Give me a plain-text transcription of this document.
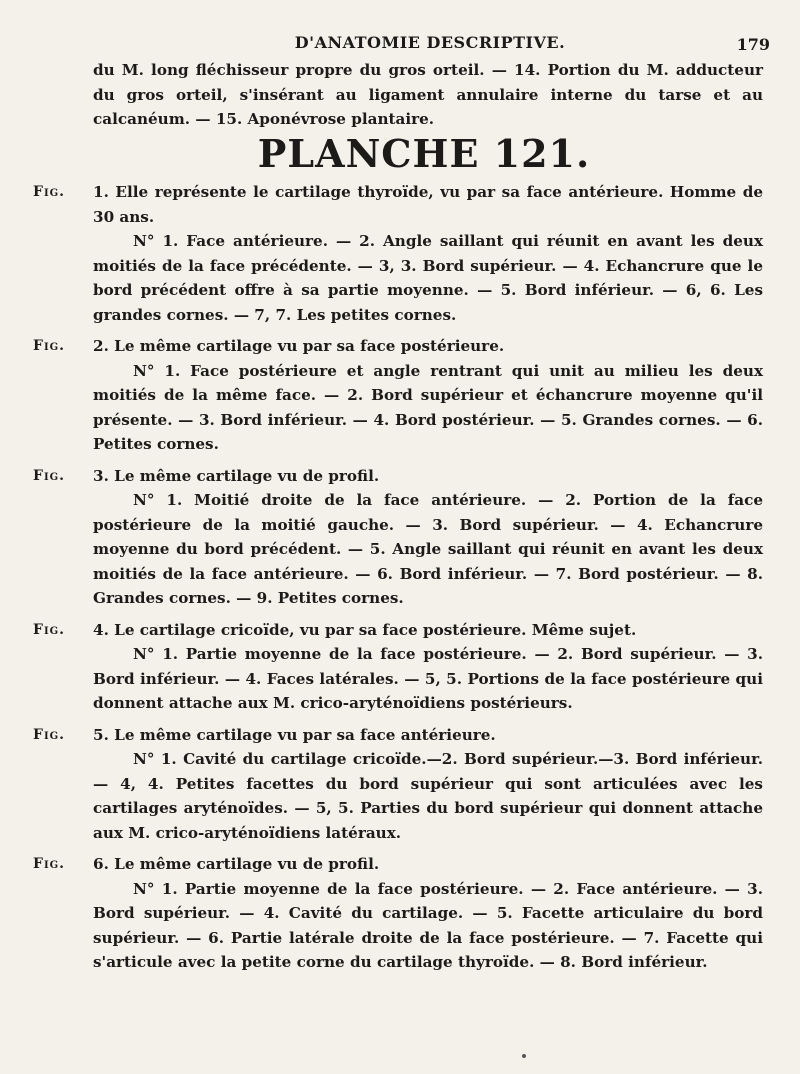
D'ANATOMIE DESCRIPTIVE.	179
du M. long fléchisseur propre du gros orteil. — 14. Portion du M. adducteur du gros orteil, s'insérant au ligament annulaire interne du tarse et au calcanéum. — 15. Aponévrose plantaire.
PLANCHE 121.
Fig.	1. Elle représente le cartilage thyroïde, vu par sa face antérieure. Homme de 30 ans.
N° 1. Face antérieure. — 2. Angle saillant qui réunit en avant les deux moitiés de la face précédente. — 3, 3. Bord supérieur. — 4. Echancrure que le bord précédent offre à sa partie moyenne. — 5. Bord inférieur. — 6, 6. Les grandes cornes. — 7, 7. Les petites cornes.
Fig.	2. Le même cartilage vu par sa face postérieure.
N° 1. Face postérieure et angle rentrant qui unit au milieu les deux moitiés de la même face. — 2. Bord supérieur et échancrure moyenne qu'il présente. — 3. Bord inférieur. — 4. Bord postérieur. — 5. Grandes cornes. — 6. Petites cornes.
Fig.	3. Le même cartilage vu de profil.
N° 1. Moitié droite de la face antérieure. — 2. Portion de la face postérieure de la moitié gauche. — 3. Bord supérieur. — 4. Echancrure moyenne du bord précédent. — 5. Angle saillant qui réunit en avant les deux moitiés de la face antérieure. — 6. Bord inférieur. — 7. Bord postérieur. — 8. Grandes cornes. — 9. Petites cornes.
Fig.	4. Le cartilage cricoïde, vu par sa face postérieure. Même sujet.
N° 1. Partie moyenne de la face postérieure. — 2. Bord supérieur. — 3. Bord inférieur. — 4. Faces latérales. — 5, 5. Portions de la face postérieure qui donnent attache aux M. crico-aryténoïdiens postérieurs.
Fig.	5. Le même cartilage vu par sa face antérieure.
N° 1. Cavité du cartilage cricoïde.—2. Bord supérieur.—3. Bord inférieur.— 4, 4. Petites facettes du bord supérieur qui sont articulées avec les cartilages aryténoïdes. — 5, 5. Parties du bord supérieur qui donnent attache aux M. crico-aryténoïdiens latéraux.
Fig.	6. Le même cartilage vu de profil.
N° 1. Partie moyenne de la face postérieure. — 2. Face antérieure. — 3. Bord supérieur. — 4. Cavité du cartilage. — 5. Facette articulaire du bord supérieur. — 6. Partie latérale droite de la face postérieure. — 7. Facette qui s'articule avec la petite corne du cartilage thyroïde. — 8. Bord inférieur.
